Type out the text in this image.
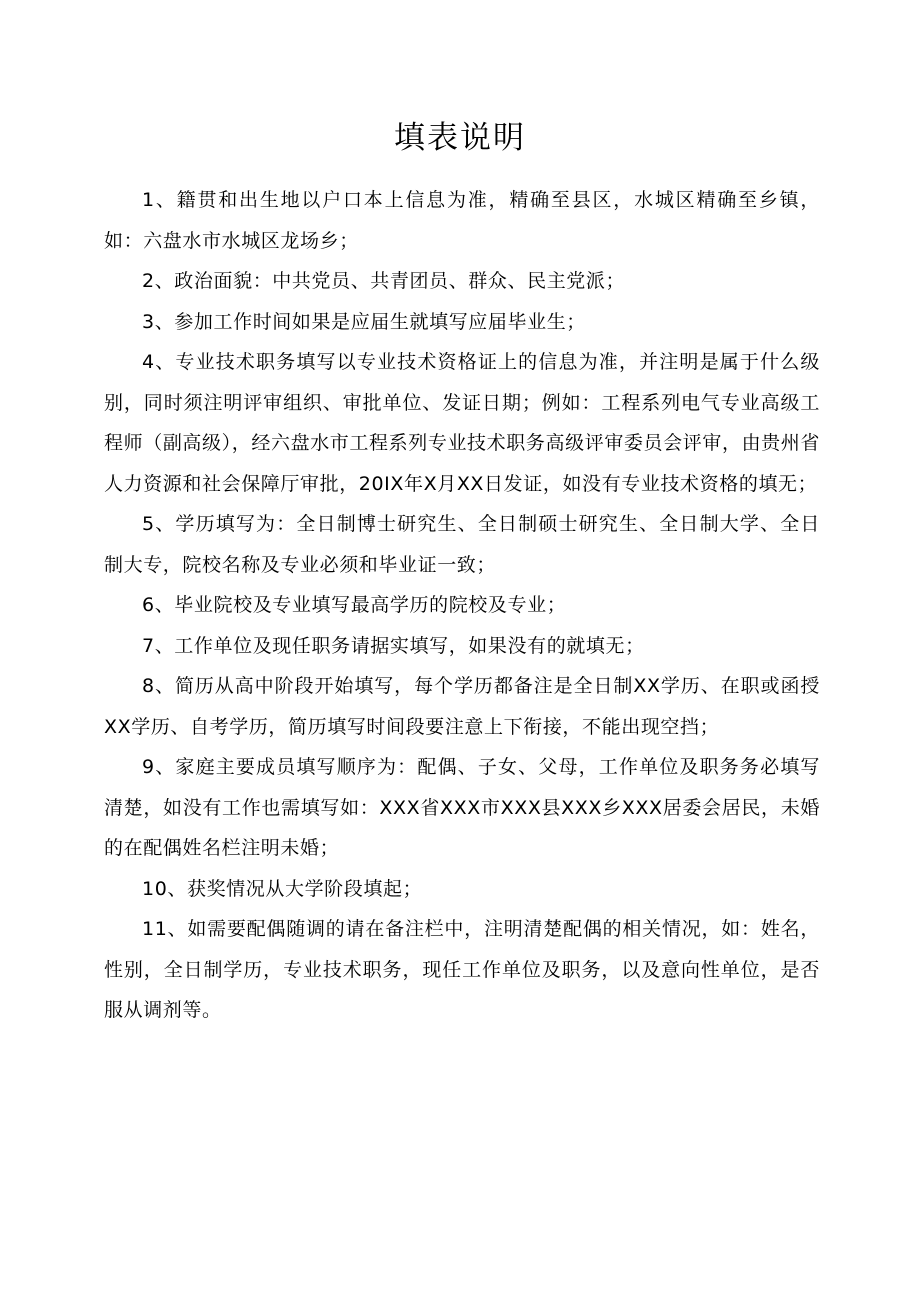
填表说明

1、籍贯和出生地以户口本上信息为准，精确至县区，水城区精确至乡镇，如：六盘水市水城区龙场乡；

2、政治面貌：中共党员、共青团员、群众、民主党派；

3、参加工作时间如果是应届生就填写应届毕业生；

4、专业技术职务填写以专业技术资格证上的信息为准，并注明是属于什么级别，同时须注明评审组织、审批单位、发证日期；例如：工程系列电气专业高级工程师（副高级），经六盘水市工程系列专业技术职务高级评审委员会评审，由贵州省人力资源和社会保障厅审批，20IX年X月XX日发证，如没有专业技术资格的填无；

5、学历填写为：全日制博士研究生、全日制硕士研究生、全日制大学、全日制大专，院校名称及专业必须和毕业证一致；

6、毕业院校及专业填写最高学历的院校及专业；

7、工作单位及现任职务请据实填写，如果没有的就填无；

8、简历从高中阶段开始填写，每个学历都备注是全日制XX学历、在职或函授XX学历、自考学历，简历填写时间段要注意上下衔接，不能出现空挡；

9、家庭主要成员填写顺序为：配偶、子女、父母，工作单位及职务务必填写清楚，如没有工作也需填写如：XXX省XXX市XXX县XXX乡XXX居委会居民，未婚的在配偶姓名栏注明未婚；

10、获奖情况从大学阶段填起；

11、如需要配偶随调的请在备注栏中，注明清楚配偶的相关情况，如：姓名，性别，全日制学历，专业技术职务，现任工作单位及职务，以及意向性单位，是否服从调剂等。
